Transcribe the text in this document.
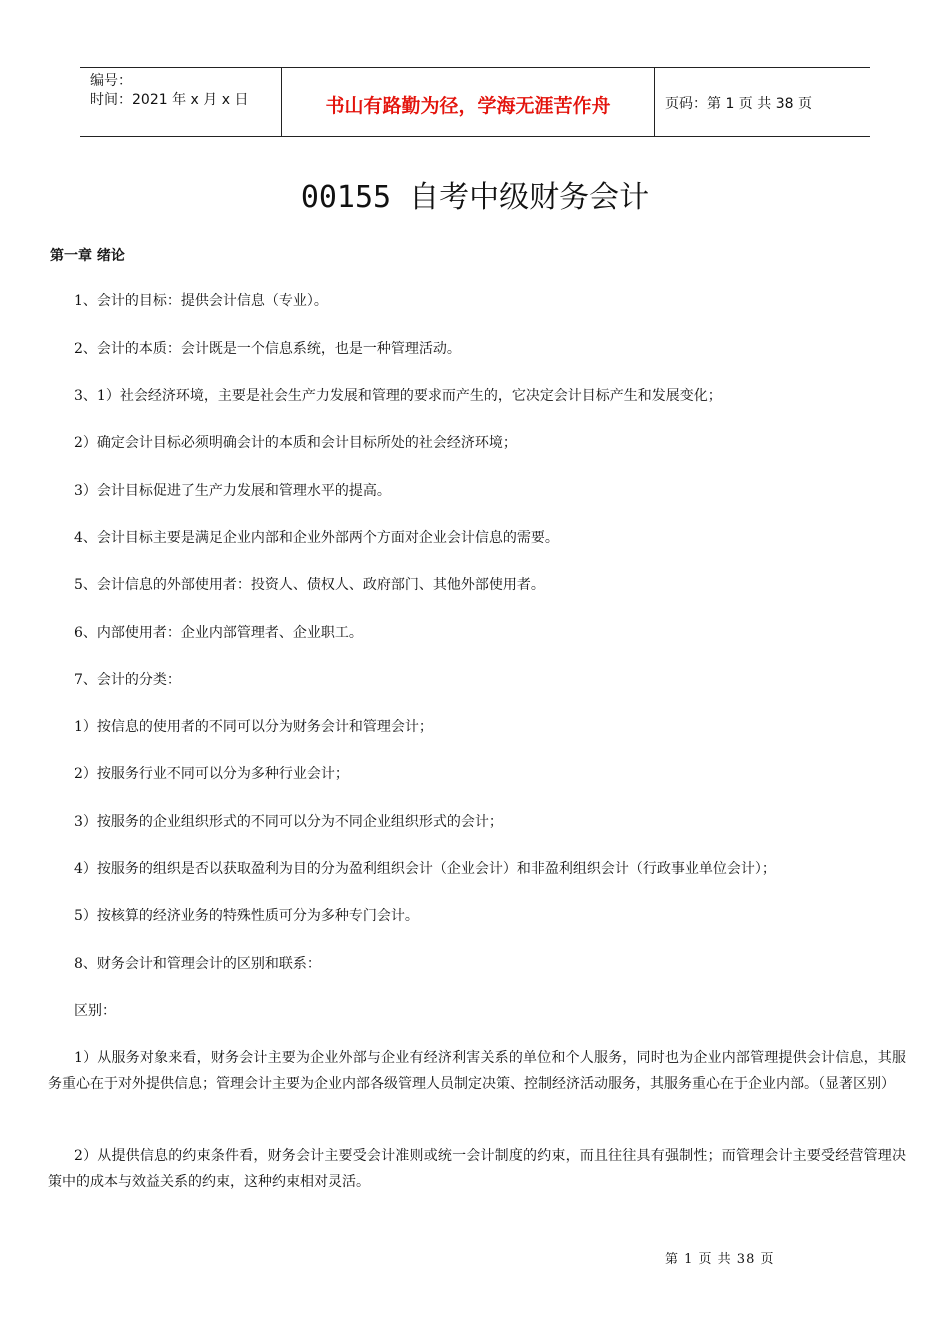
编号：
时间：2021 年 x 月 x 日	书山有路勤为径，学海无涯苦作舟	页码：第 1 页 共 38 页
00155 自考中级财务会计
第一章 绪论
1、会计的目标：提供会计信息（专业）。
2、会计的本质：会计既是一个信息系统，也是一种管理活动。
3、1）社会经济环境，主要是社会生产力发展和管理的要求而产生的，它决定会计目标产生和发展变化；
2）确定会计目标必须明确会计的本质和会计目标所处的社会经济环境；
3）会计目标促进了生产力发展和管理水平的提高。
4、会计目标主要是满足企业内部和企业外部两个方面对企业会计信息的需要。
5、会计信息的外部使用者：投资人、债权人、政府部门、其他外部使用者。
6、内部使用者：企业内部管理者、企业职工。
7、会计的分类：
1）按信息的使用者的不同可以分为财务会计和管理会计；
2）按服务行业不同可以分为多种行业会计；
3）按服务的企业组织形式的不同可以分为不同企业组织形式的会计；
4）按服务的组织是否以获取盈利为目的分为盈利组织会计（企业会计）和非盈利组织会计（行政事业单位会计）；
5）按核算的经济业务的特殊性质可分为多种专门会计。
8、财务会计和管理会计的区别和联系：
区别：
1）从服务对象来看，财务会计主要为企业外部与企业有经济利害关系的单位和个人服务，同时也为企业内部管理提供会计信息，其服务重心在于对外提供信息；管理会计主要为企业内部各级管理人员制定决策、控制经济活动服务，其服务重心在于企业内部。（显著区别）
2）从提供信息的约束条件看，财务会计主要受会计准则或统一会计制度的约束，而且往往具有强制性；而管理会计主要受经营管理决策中的成本与效益关系的约束，这种约束相对灵活。
第 1 页 共 38 页
